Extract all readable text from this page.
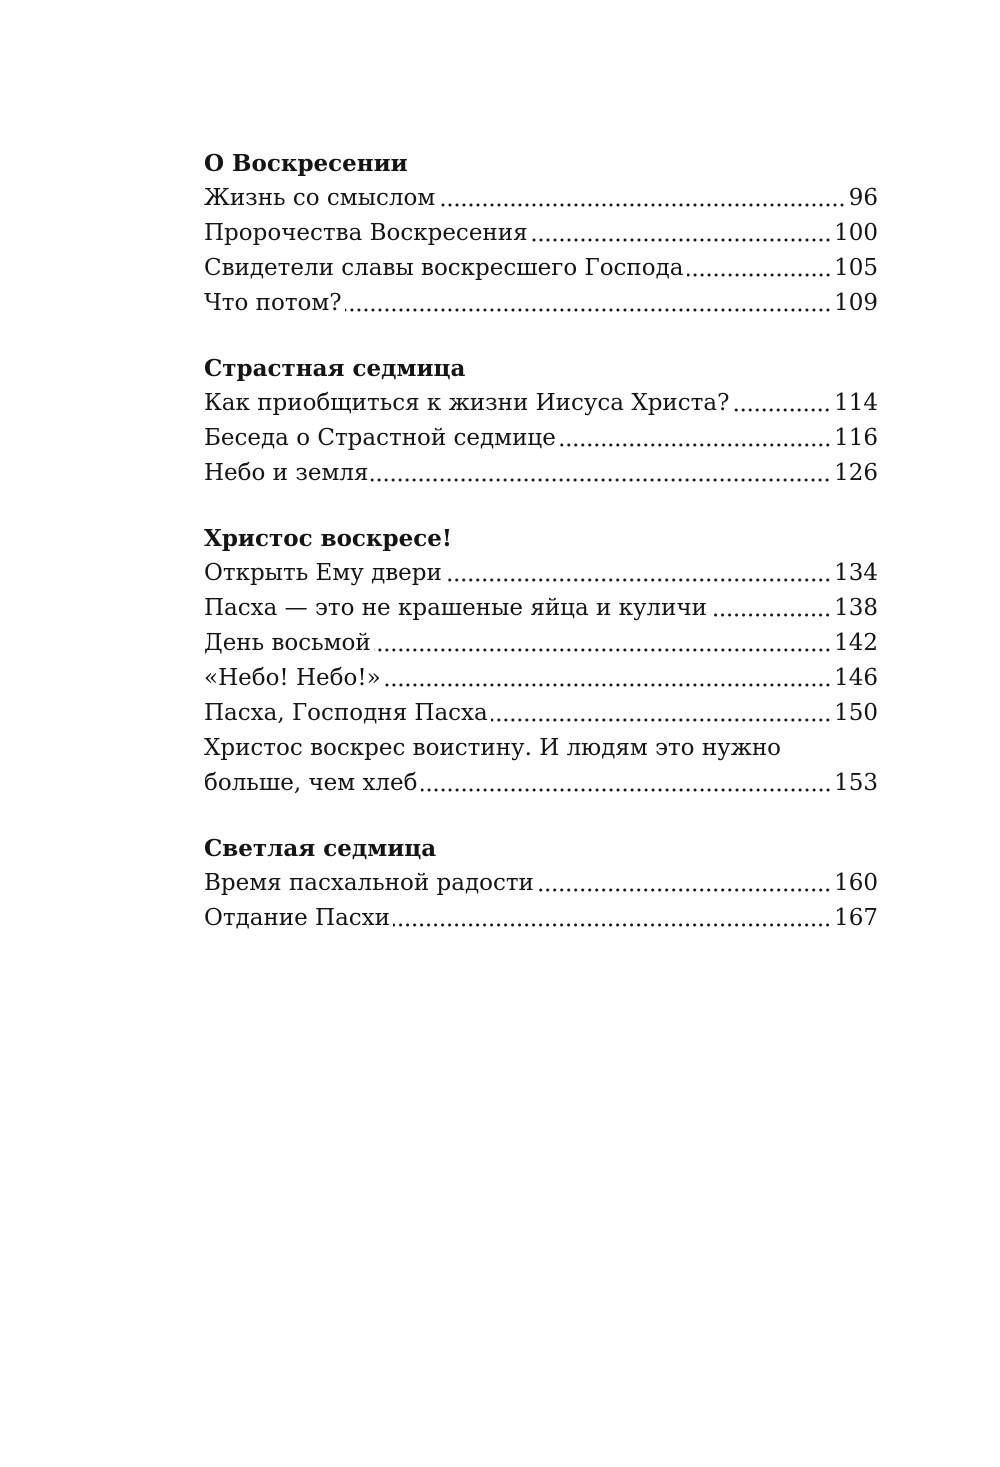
О Воскресении
Жизнь со смыслом	96
Пророчества Воскресения	100
Свидетели славы воскресшего Господа	105
Что потом?	109
Страстная седмица
Как приобщиться к жизни Иисуса Христа?	114
Беседа о Страстной седмице	116
Небо и земля	126
Христос воскресе!
Открыть Ему двери	134
Пасха — это не крашеные яйца и куличи	138
День восьмой	142
«Небо! Небо!»	146
Пасха, Господня Пасха	150
Христос воскрес воистину. И людям это нужно
больше, чем хлеб	153
Светлая седмица
Время пасхальной радости	160
Отдание Пасхи	167
